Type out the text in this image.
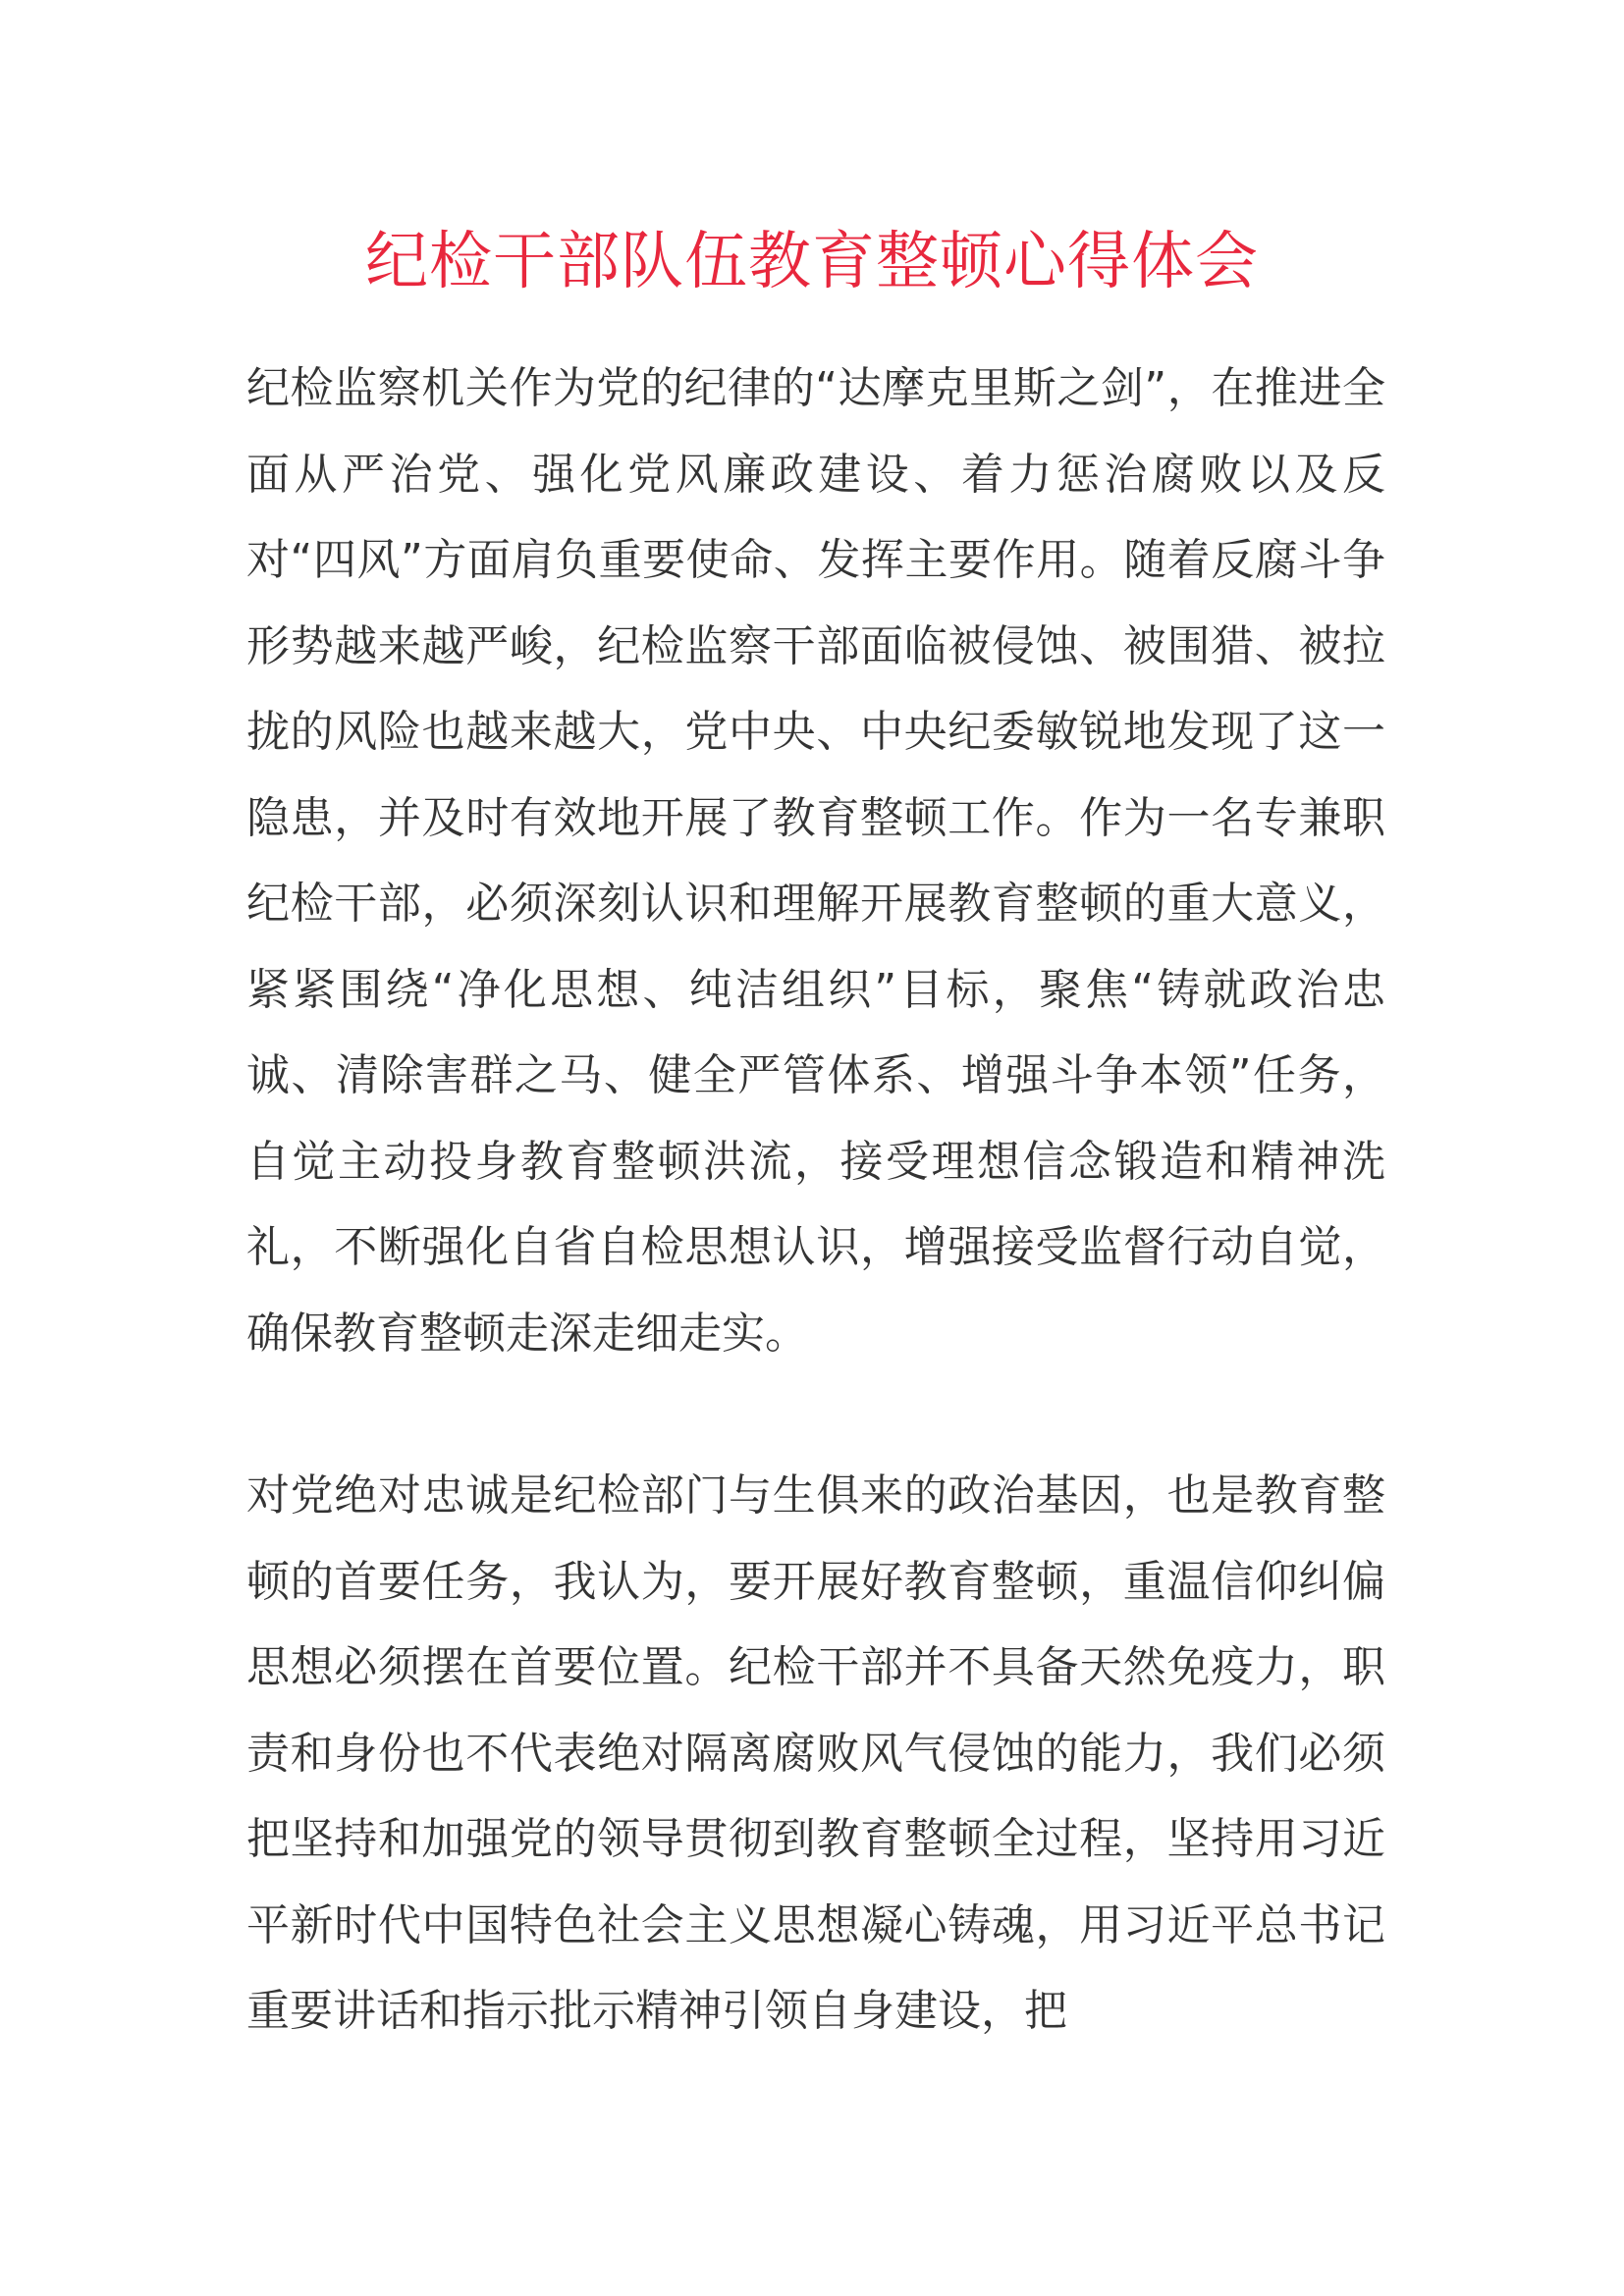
纪检干部队伍教育整顿心得体会

纪检监察机关作为党的纪律的“达摩克里斯之剑”，在推进全面从严治党、强化党风廉政建设、着力惩治腐败以及反对“四风”方面肩负重要使命、发挥主要作用。随着反腐斗争形势越来越严峻，纪检监察干部面临被侵蚀、被围猎、被拉拢的风险也越来越大，党中央、中央纪委敏锐地发现了这一隐患，并及时有效地开展了教育整顿工作。作为一名专兼职纪检干部，必须深刻认识和理解开展教育整顿的重大意义，紧紧围绕“净化思想、纯洁组织”目标，聚焦“铸就政治忠诚、清除害群之马、健全严管体系、增强斗争本领”任务，自觉主动投身教育整顿洪流，接受理想信念锻造和精神洗礼，不断强化自省自检思想认识，增强接受监督行动自觉，确保教育整顿走深走细走实。

对党绝对忠诚是纪检部门与生俱来的政治基因，也是教育整顿的首要任务，我认为，要开展好教育整顿，重温信仰纠偏思想必须摆在首要位置。纪检干部并不具备天然免疫力，职责和身份也不代表绝对隔离腐败风气侵蚀的能力，我们必须把坚持和加强党的领导贯彻到教育整顿全过程，坚持用习近平新时代中国特色社会主义思想凝心铸魂，用习近平总书记重要讲话和指示批示精神引领自身建设，把
